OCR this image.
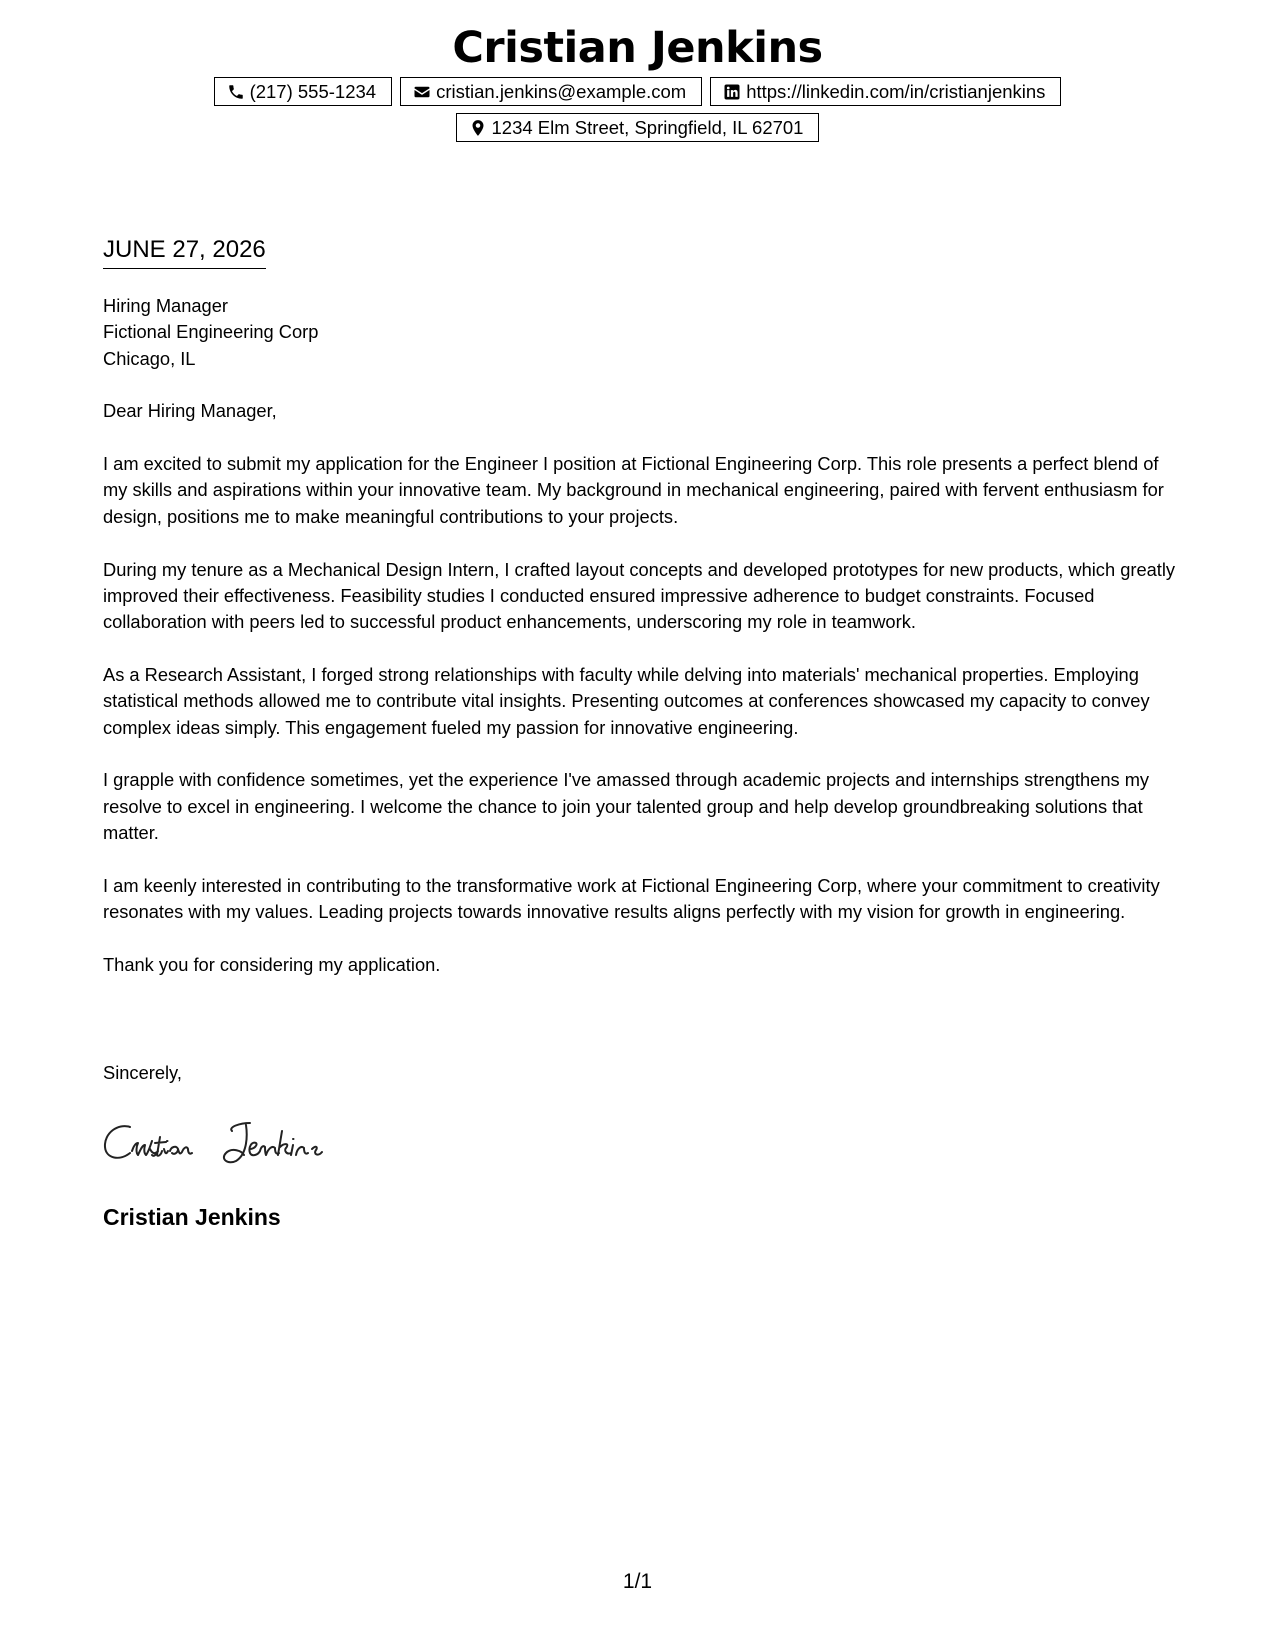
Cristian Jenkins
(217) 555-1234	cristian.jenkins@example.com	https://linkedin.com/in/cristianjenkins
1234 Elm Street, Springfield, IL 62701
JUNE 27, 2026
Hiring Manager
Fictional Engineering Corp
Chicago, IL

Dear Hiring Manager,

I am excited to submit my application for the Engineer I position at Fictional Engineering Corp. This role presents a perfect blend of my skills and aspirations within your innovative team. My background in mechanical engineering, paired with fervent enthusiasm for design, positions me to make meaningful contributions to your projects.

During my tenure as a Mechanical Design Intern, I crafted layout concepts and developed prototypes for new products, which greatly improved their effectiveness. Feasibility studies I conducted ensured impressive adherence to budget constraints. Focused collaboration with peers led to successful product enhancements, underscoring my role in teamwork.

As a Research Assistant, I forged strong relationships with faculty while delving into materials' mechanical properties. Employing statistical methods allowed me to contribute vital insights. Presenting outcomes at conferences showcased my capacity to convey complex ideas simply. This engagement fueled my passion for innovative engineering.

I grapple with confidence sometimes, yet the experience I've amassed through academic projects and internships strengthens my resolve to excel in engineering. I welcome the chance to join your talented group and help develop groundbreaking solutions that matter.

I am keenly interested in contributing to the transformative work at Fictional Engineering Corp, where your commitment to creativity resonates with my values. Leading projects towards innovative results aligns perfectly with my vision for growth in engineering.

Thank you for considering my application.

Sincerely,
Cristian Jenkins
1/1
